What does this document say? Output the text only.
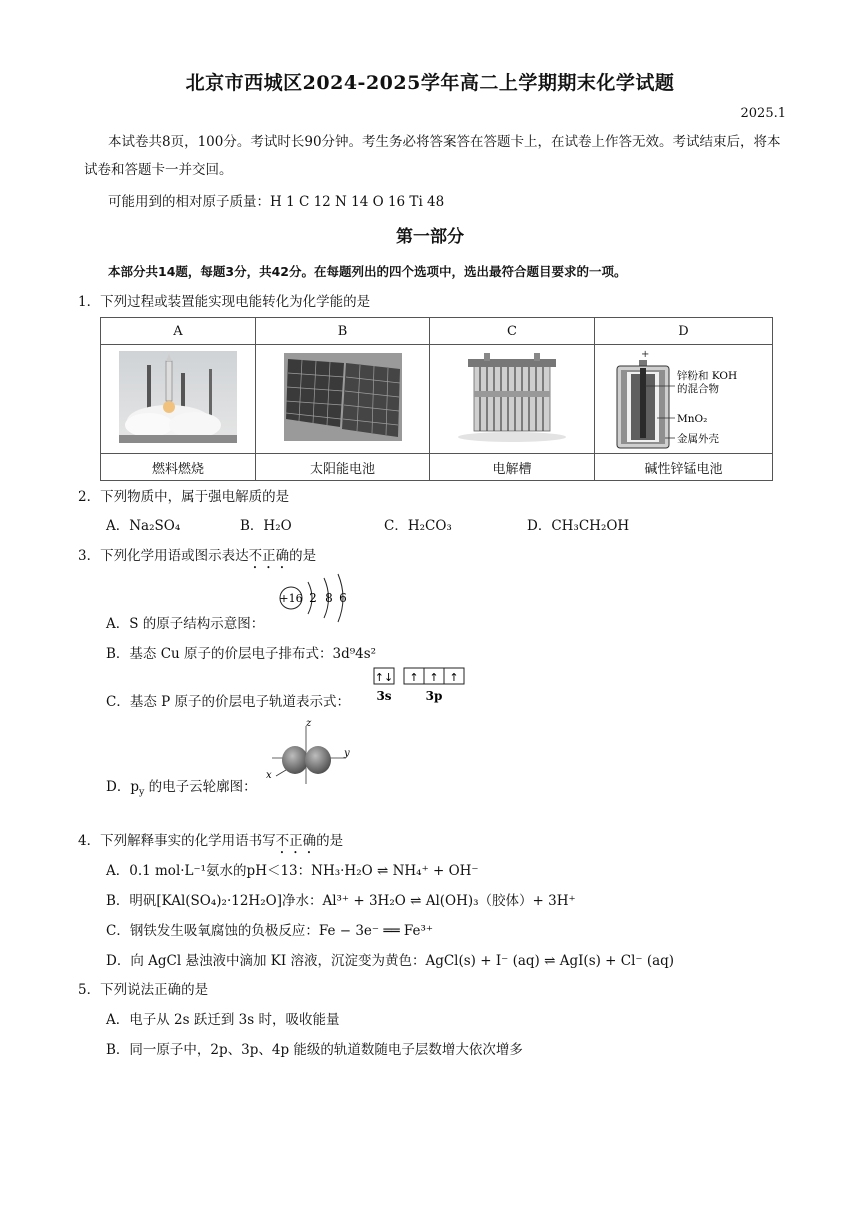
北京市西城区2024-2025学年高二上学期期末化学试题
2025.1
本试卷共8页，100分。考试时长90分钟。考生务必将答案答在答题卡上，在试卷上作答无效。考试结束后，将本试卷和答题卡一并交回。
可能用到的相对原子质量：H 1 C 12 N 14 O 16 Ti 48
第一部分
本部分共14题，每题3分，共42分。在每题列出的四个选项中，选出最符合题目要求的一项。
1．下列过程或装置能实现电能转化为化学能的是
A	B	C	D

+
锌粉和 KOH
的混合物
MnO₂
金属外壳

燃料燃烧	太阳能电池	电解槽	碱性锌锰电池
2．下列物质中，属于强电解质的是
A．Na₂SO₄	B．H₂O	C．H₂CO₃	D．CH₃CH₂OH
3．下列化学用语或图示表达不正确的是
A．S 的原子结构示意图：
+16 2 8 6
B．基态 Cu 原子的价层电子排布式：3d⁹4s²
C．基态 P 原子的价层电子轨道表示式：
↑↓ ↑ ↑ ↑
3s	3p
D．$p_y$ 的电子云轮廓图：
z
y
x
4．下列解释事实的化学用语书写不正确的是
A．0.1 mol·L⁻¹氨水的pH＜13：NH₃·H₂O ⇌ NH₄⁺ + OH⁻
B．明矾[KAl(SO₄)₂·12H₂O]净水：Al³⁺ + 3H₂O ⇌ Al(OH)₃（胶体）+ 3H⁺
C．钢铁发生吸氧腐蚀的负极反应：Fe − 3e⁻ ══ Fe³⁺
D．向 AgCl 悬浊液中滴加 KI 溶液，沉淀变为黄色：AgCl(s) + I⁻ (aq) ⇌ AgI(s) + Cl⁻ (aq)
5．下列说法正确的是
A．电子从 2s 跃迁到 3s 时，吸收能量
B．同一原子中，2p、3p、4p 能级的轨道数随电子层数增大依次增多
